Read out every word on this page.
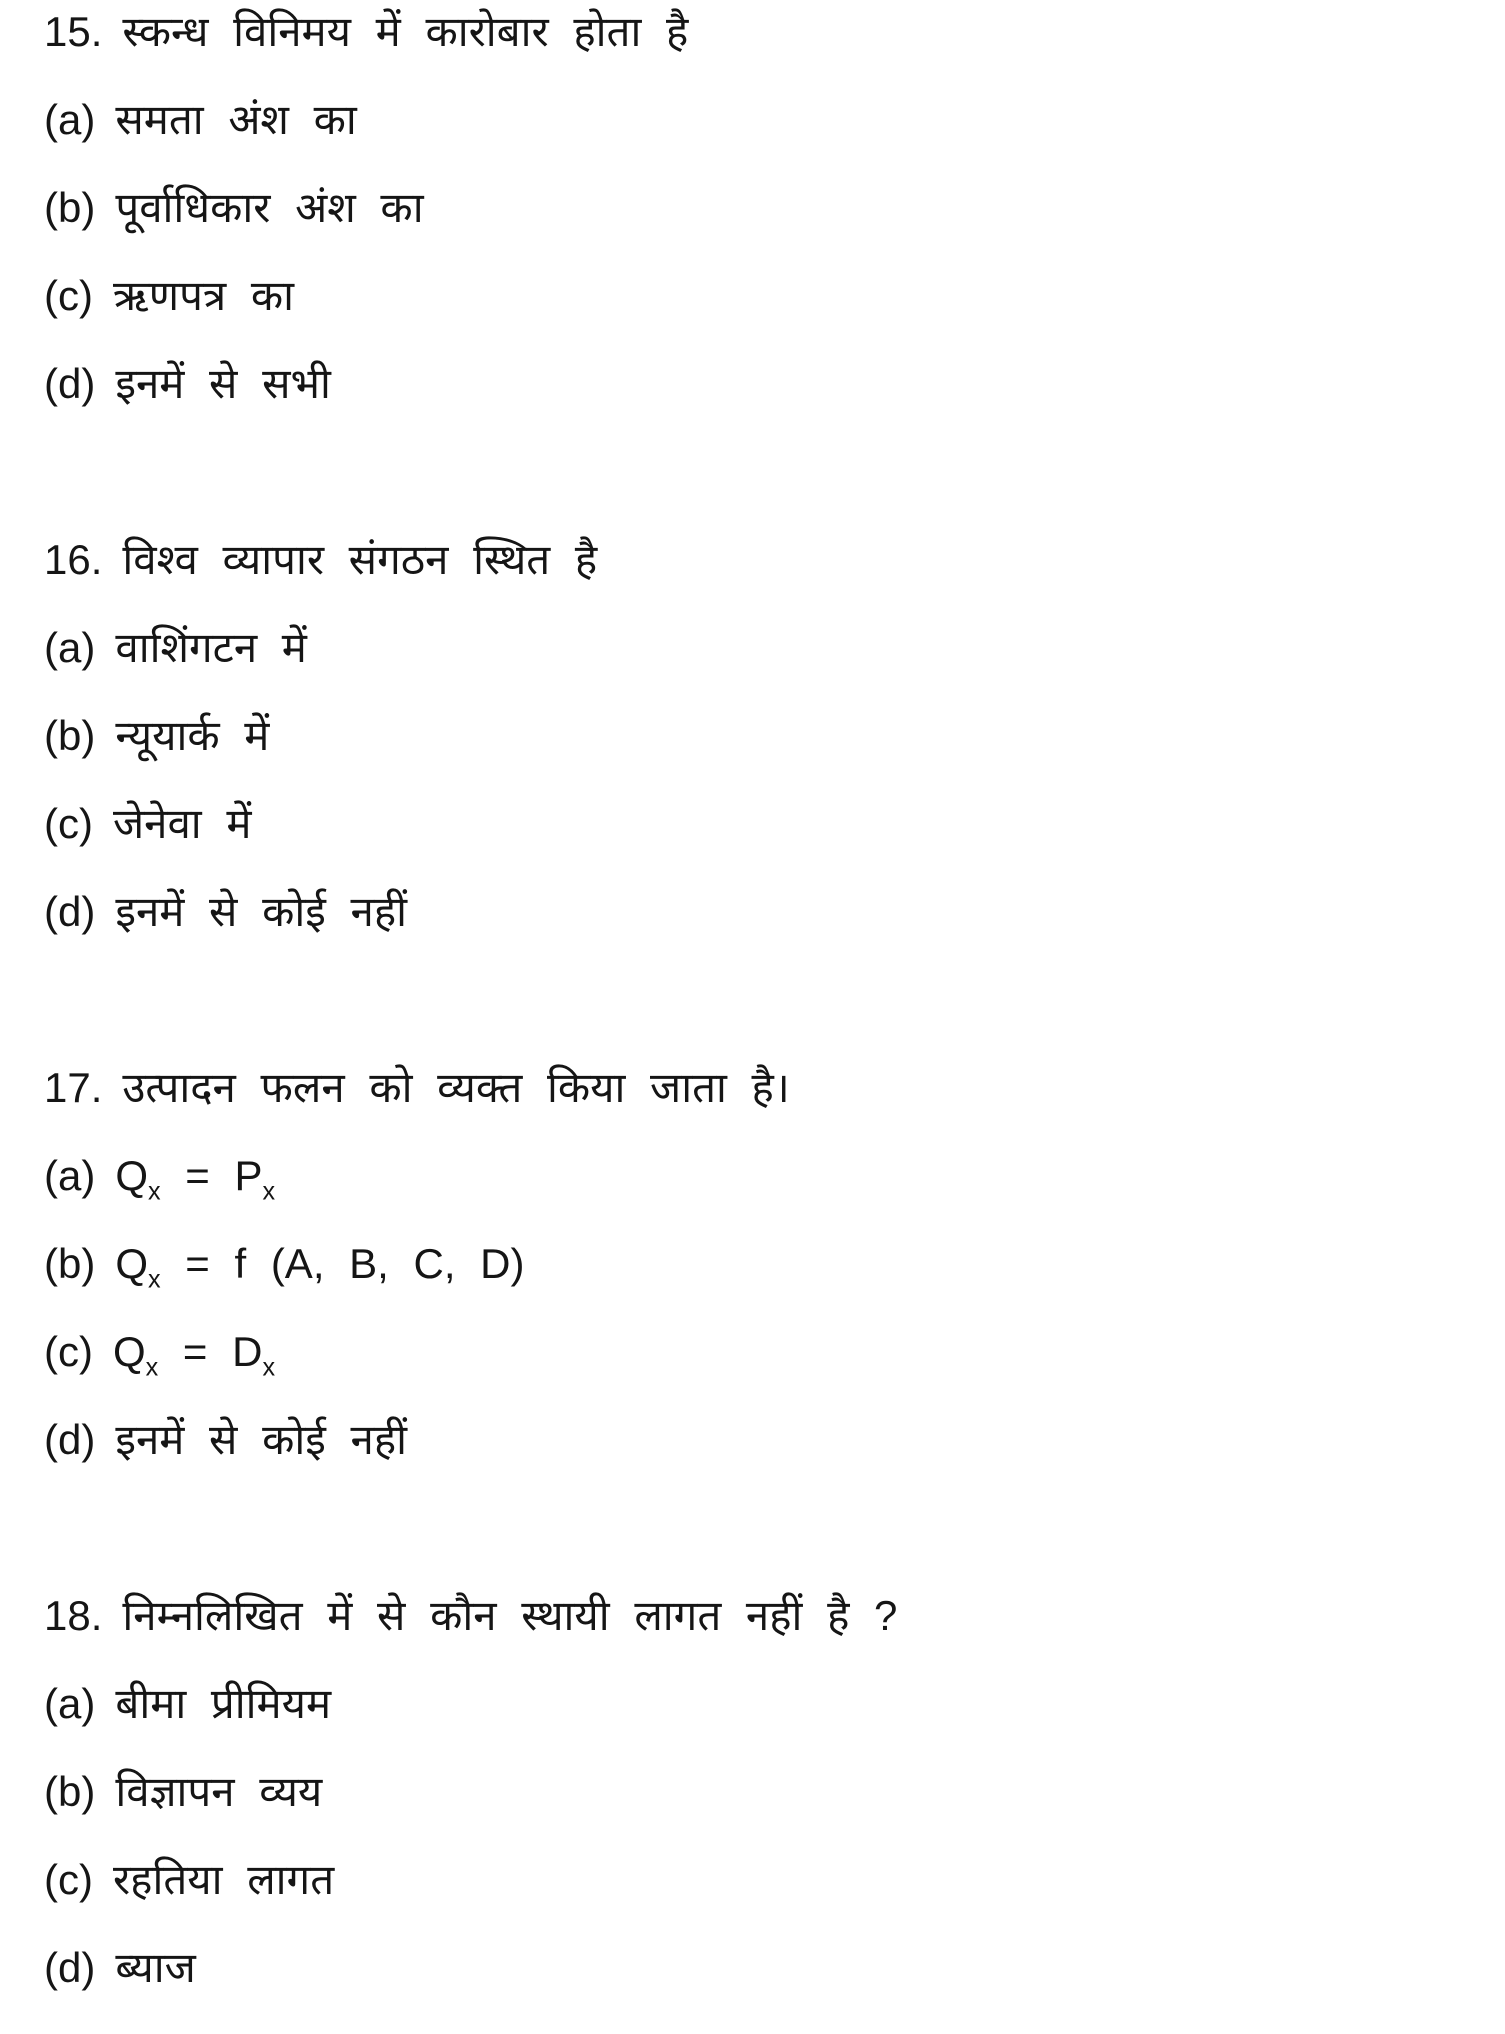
15. स्कन्ध विनिमय में कारोबार होता है
(a) समता अंश का
(b) पूर्वाधिकार अंश का
(c) ऋणपत्र का
(d) इनमें से सभी
16. विश्व व्यापार संगठन स्थित है
(a) वाशिंगटन में
(b) न्यूयार्क में
(c) जेनेवा में
(d) इनमें से कोई नहीं
17. उत्पादन फलन को व्यक्त किया जाता है।
(a) $Q_x = P_x$
(b) $Q_x = f$ (A, B, C, D)
(c) $Q_x = D_x$
(d) इनमें से कोई नहीं
18. निम्नलिखित में से कौन स्थायी लागत नहीं है ?
(a) बीमा प्रीमियम
(b) विज्ञापन व्यय
(c) रहतिया लागत
(d) ब्याज
